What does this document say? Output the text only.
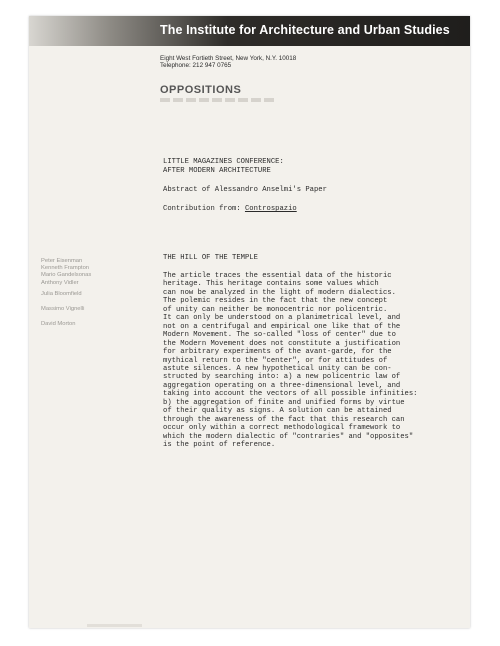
The Institute for Architecture and Urban Studies
Eight West Fortieth Street, New York, N.Y. 10018
Telephone: 212 947 0765
OPPOSITIONS
LITTLE MAGAZINES CONFERENCE:
AFTER MODERN ARCHITECTURE
Abstract of Alessandro Anselmi's Paper
Contribution from: Controspazio
Peter Eisenman
Kenneth Frampton
Mario Gandelsonas
Anthony Vidler
Julia Bloomfield
Massimo Vignelli
David Morton
THE HILL OF THE TEMPLE
The article traces the essential data of the historic
heritage. This heritage contains some values which
can now be analyzed in the light of modern dialectics.
The polemic resides in the fact that the new concept
of unity can neither be monocentric nor policentric.
It can only be understood on a planimetrical level, and
not on a centrifugal and empirical one like that of the
Modern Movement. The so-called "loss of center" due to
the Modern Movement does not constitute a justification
for arbitrary experiments of the avant-garde, for the
mythical return to the "center", or for attitudes of
astute silences. A new hypothetical unity can be con-
structed by searching into: a) a new policentric law of
aggregation operating on a three-dimensional level, and
taking into account the vectors of all possible infinities:
b) the aggregation of finite and unified forms by virtue
of their quality as signs. A solution can be attained
through the awareness of the fact that this research can
occur only within a correct methodological framework to
which the modern dialectic of "contraries" and "opposites"
is the point of reference.
